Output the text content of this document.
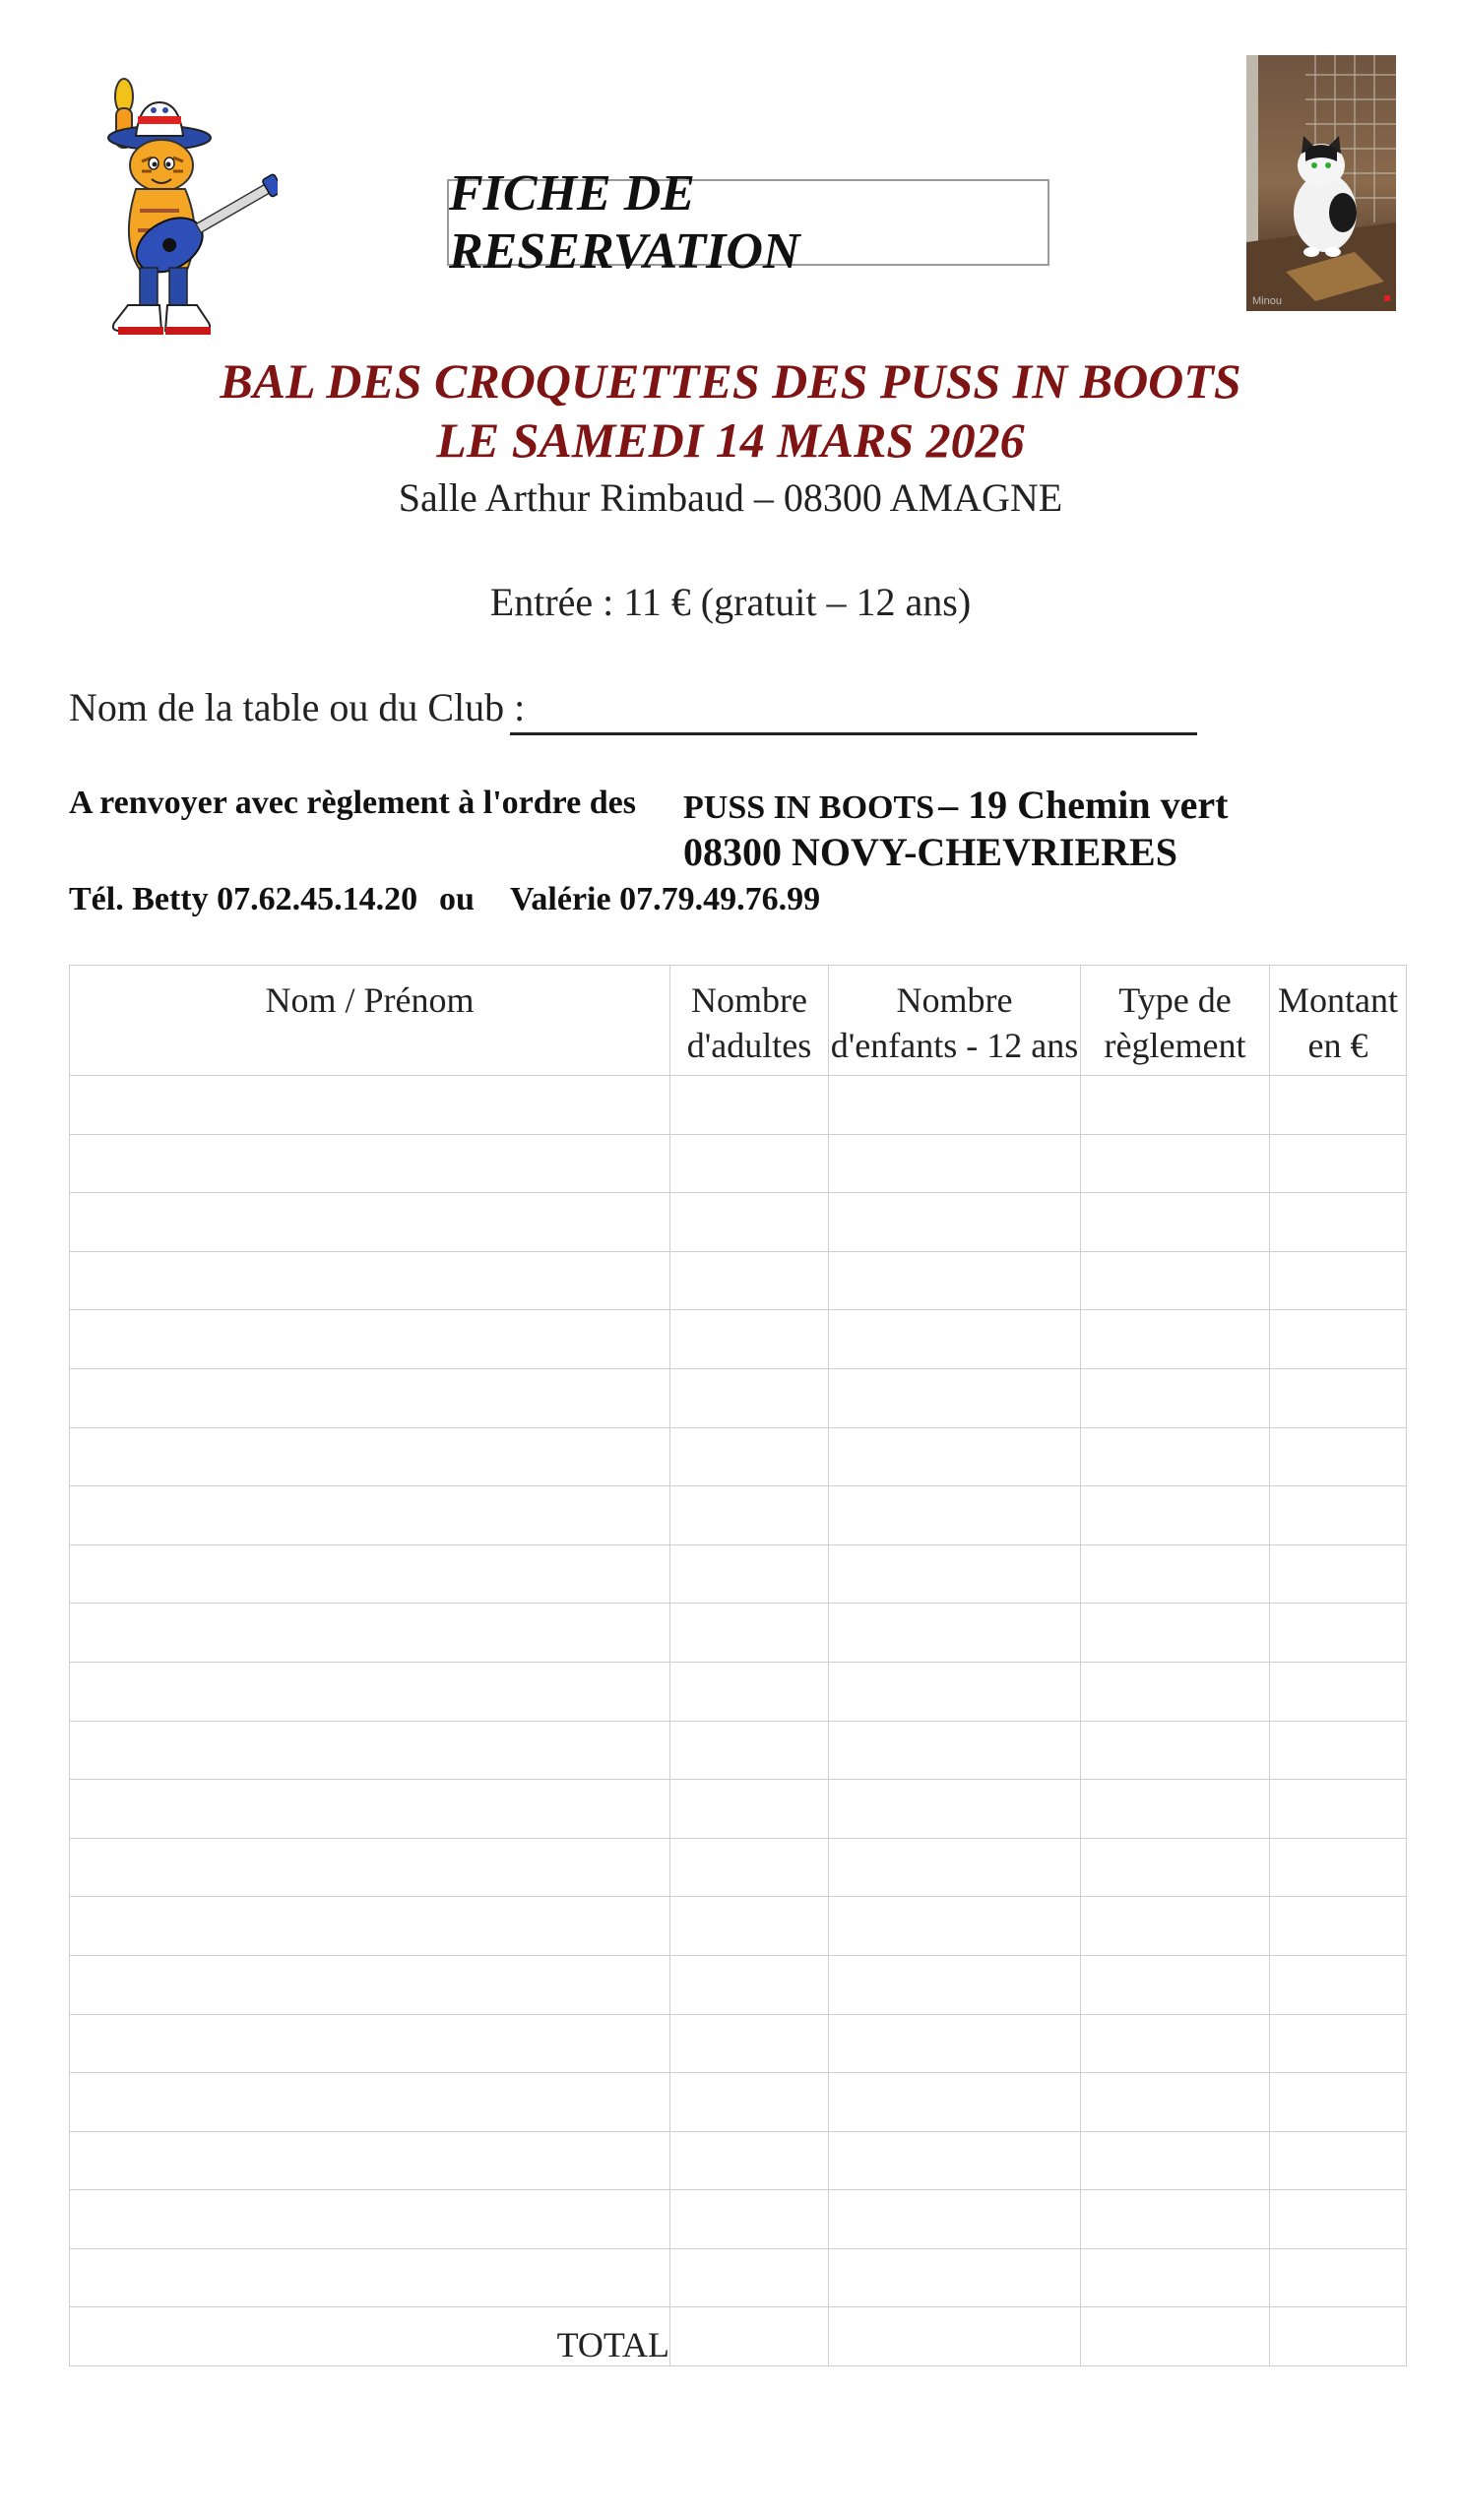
Minou
FICHE DE RESERVATION
BAL DES CROQUETTES DES PUSS IN BOOTS
LE SAMEDI 14 MARS 2026
Salle Arthur Rimbaud – 08300 AMAGNE
Entrée : 11 € (gratuit – 12 ans)
Nom de la table ou du Club :
A renvoyer avec règlement à l'ordre des PUSS IN BOOTS – 19 Chemin vert
08300 NOVY-CHEVRIERES
Tél. Betty 07.62.45.14.20 ou Valérie 07.79.49.76.99
Nom / Prénom	Nombre d'adultes	Nombre d'enfants - 12 ans	Type de règlement	Montant en €

TOTAL				
